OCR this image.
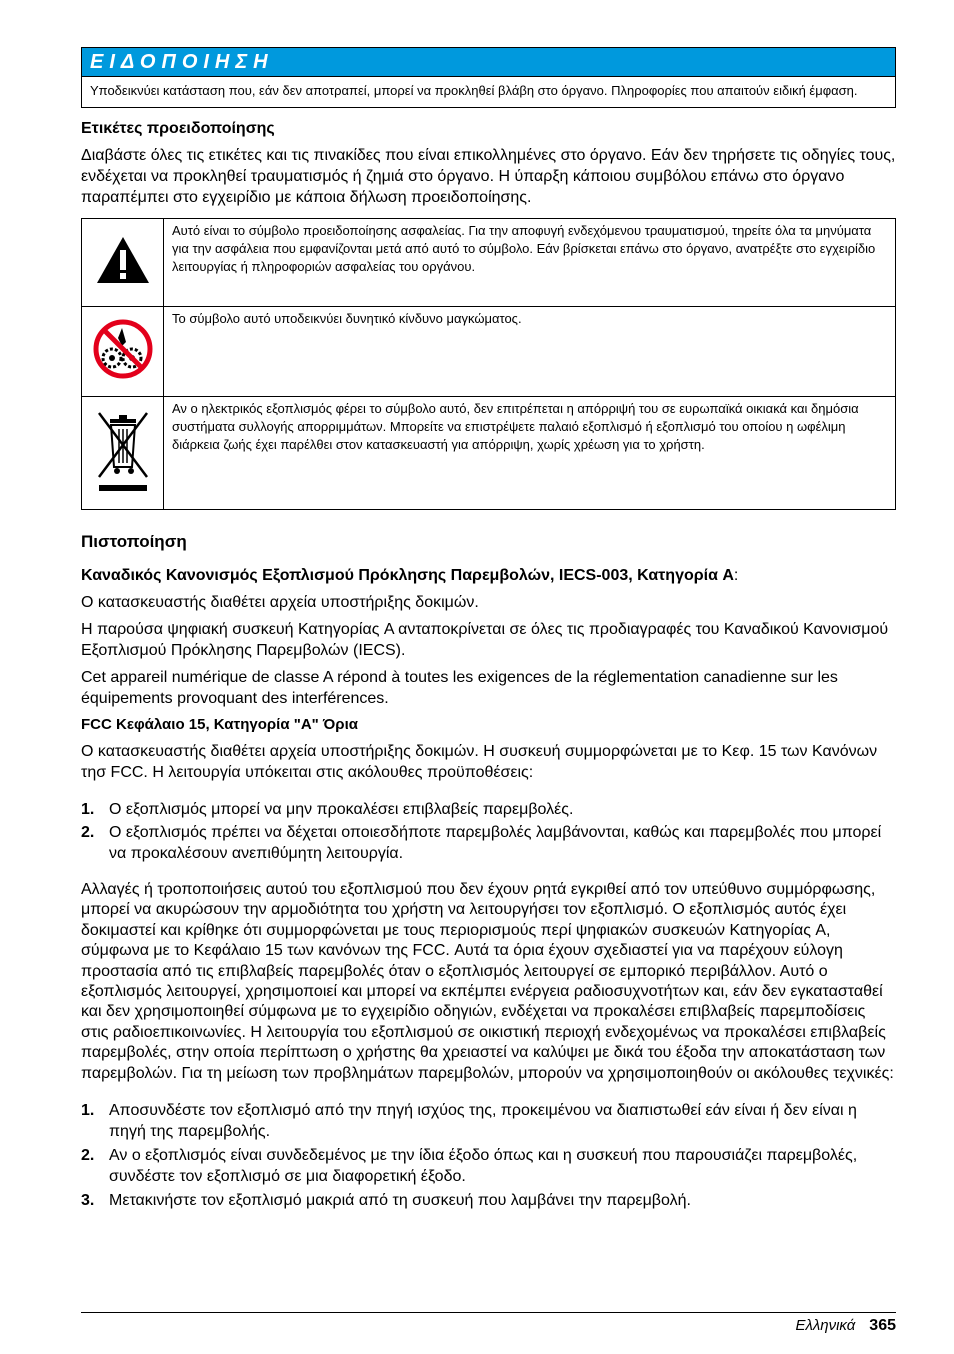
ΕΙΔΟΠΟΙΗΣΗ
Υποδεικνύει κατάσταση που, εάν δεν αποτραπεί, μπορεί να προκληθεί βλάβη στο όργανο. Πληροφορίες που απαιτούν ειδική έμφαση.
Ετικέτες προειδοποίησης

Διαβάστε όλες τις ετικέτες και τις πινακίδες που είναι επικολλημένες στο όργανο. Εάν δεν τηρήσετε τις οδηγίες τους, ενδέχεται να προκληθεί τραυματισμός ή ζημιά στο όργανο. Η ύπαρξη κάποιου συμβόλου επάνω στο όργανο παραπέμπει στο εγχειρίδιο με κάποια δήλωση προειδοποίησης.

	Αυτό είναι το σύμβολο προειδοποίησης ασφαλείας. Για την αποφυγή ενδεχόμενου τραυματισμού, τηρείτε όλα τα μηνύματα για την ασφάλεια που εμφανίζονται μετά από αυτό το σύμβολο. Εάν βρίσκεται επάνω στο όργανο, ανατρέξτε στο εγχειρίδιο λειτουργίας ή πληροφοριών ασφαλείας του οργάνου.
	Το σύμβολο αυτό υποδεικνύει δυνητικό κίνδυνο μαγκώματος.
	Αν ο ηλεκτρικός εξοπλισμός φέρει το σύμβολο αυτό, δεν επιτρέπεται η απόρριψή του σε ευρωπαϊκά οικιακά και δημόσια συστήματα συλλογής απορριμμάτων. Μπορείτε να επιστρέψετε παλαιό εξοπλισμό ή εξοπλισμό του οποίου η ωφέλιμη διάρκεια ζωής έχει παρέλθει στον κατασκευαστή για απόρριψη, χωρίς χρέωση για το χρήστη.
Πιστοποίηση

Καναδικός Κανονισμός Εξοπλισμού Πρόκλησης Παρεμβολών, IECS-003, Κατηγορία A:

Ο κατασκευαστής διαθέτει αρχεία υποστήριξης δοκιμών.

Η παρούσα ψηφιακή συσκευή Κατηγορίας A ανταποκρίνεται σε όλες τις προδιαγραφές του Καναδικού Κανονισμού Εξοπλισμού Πρόκλησης Παρεμβολών (IECS).

Cet appareil numérique de classe A répond à toutes les exigences de la réglementation canadienne sur les équipements provoquant des interférences.

FCC Κεφάλαιο 15, Κατηγορία "A" Όρια

Ο κατασκευαστής διαθέτει αρχεία υποστήριξης δοκιμών. Η συσκευή συμμορφώνεται με το Κεφ. 15 των Κανόνων τησ FCC. Η λειτουργία υπόκειται στις ακόλουθες προϋποθέσεις:

1. Ο εξοπλισμός μπορεί να μην προκαλέσει επιβλαβείς παρεμβολές.
2. Ο εξοπλισμός πρέπει να δέχεται οποιεσδήποτε παρεμβολές λαμβάνονται, καθώς και παρεμβολές που μπορεί να προκαλέσουν ανεπιθύμητη λειτουργία.

Αλλαγές ή τροποποιήσεις αυτού του εξοπλισμού που δεν έχουν ρητά εγκριθεί από τον υπεύθυνο συμμόρφωσης, μπορεί να ακυρώσουν την αρμοδιότητα του χρήστη να λειτουργήσει τον εξοπλισμό. Ο εξοπλισμός αυτός έχει δοκιμαστεί και κρίθηκε ότι συμμορφώνεται με τους περιορισμούς περί ψηφιακών συσκευών Κατηγορίας A, σύμφωνα με το Κεφάλαιο 15 των κανόνων της FCC. Αυτά τα όρια έχουν σχεδιαστεί για να παρέχουν εύλογη προστασία από τις επιβλαβείς παρεμβολές όταν ο εξοπλισμός λειτουργεί σε εμπορικό περιβάλλον. Αυτό ο εξοπλισμός λειτουργεί, χρησιμοποιεί και μπορεί να εκπέμπει ενέργεια ραδιοσυχνοτήτων και, εάν δεν εγκατασταθεί και δεν χρησιμοποιηθεί σύμφωνα με το εγχειρίδιο οδηγιών, ενδέχεται να προκαλέσει επιβλαβείς παρεμποδίσεις στις ραδιοεπικοινωνίες. Η λειτουργία του εξοπλισμού σε οικιστική περιοχή ενδεχομένως να προκαλέσει επιβλαβείς παρεμβολές, στην οποία περίπτωση ο χρήστης θα χρειαστεί να καλύψει με δικά του έξοδα την αποκατάσταση των παρεμβολών. Για τη μείωση των προβλημάτων παρεμβολών, μπορούν να χρησιμοποιηθούν οι ακόλουθες τεχνικές:

1. Αποσυνδέστε τον εξοπλισμό από την πηγή ισχύος της, προκειμένου να διαπιστωθεί εάν είναι ή δεν είναι η πηγή της παρεμβολής.
2. Αν ο εξοπλισμός είναι συνδεδεμένος με την ίδια έξοδο όπως και η συσκευή που παρουσιάζει παρεμβολές, συνδέστε τον εξοπλισμό σε μια διαφορετική έξοδο.
3. Μετακινήστε τον εξοπλισμό μακριά από τη συσκευή που λαμβάνει την παρεμβολή.
Ελληνικά 365
